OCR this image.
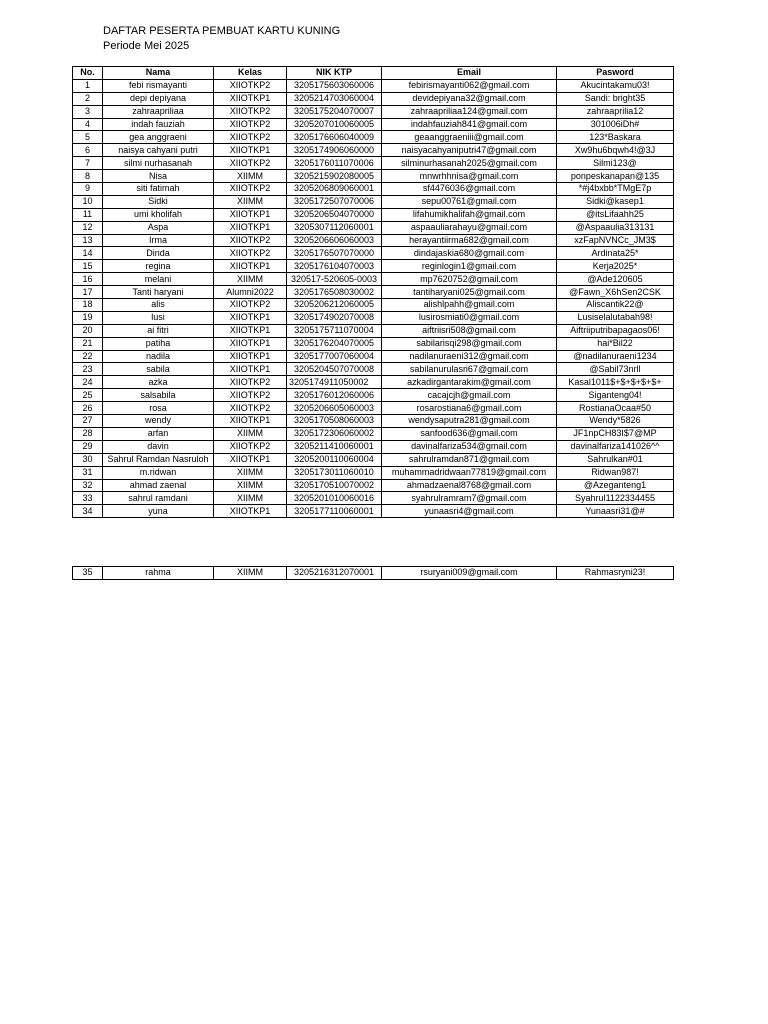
DAFTAR PESERTA PEMBUAT KARTU KUNING
Periode Mei 2025
No.	Nama	Kelas	NIK KTP	Email	Pasword
1	febi rismayanti	XIIOTKP2	3205175603060006	febirismayanti062@gmail.com	Akucintakamu03!
2	depi depiyana	XIIOTKP1	3205214703060004	devidepiyana32@gmail.com	Sandi: bright35
3	zahraapriliaa	XIIOTKP2	3205175204070007	zahraapriliaa124@gmail.com	zahraaprilia12
4	indah fauziah	XIIOTKP2	3205207010060005	indahfauziah841@gmail.com	301006iDh#
5	gea anggraeni	XIIOTKP2	3205176606040009	geaanggraeniii@gmail.com	123*Baskara
6	naisya cahyani putri	XIIOTKP1	3205174906060000	naisyacahyaniputri47@gmail.com	Xw9hu6bqwh4!@3J
7	silmi nurhasanah	XIIOTKP2	3205176011070006	silminurhasanah2025@gmail.com	Silmi123@
8	Nisa	XIIMM	3205215902080005	mnwrhhnisa@gmail.com	ponpeskanapan@135
9	siti fatimah	XIIOTKP2	3205206809060001	sf4476036@gmail.com	*#j4bxbb*TMgE7p
10	Sidki	XIIMM	3205172507070006	sepu00761@gmail.com	Sidki@kasep1
11	umi kholifah	XIIOTKP1	3205206504070000	lifahumikhalifah@gmail.com	@itsLifaahh25
12	Aspa	XIIOTKP1	3205307112060001	aspaauliarahayu@gmail.com	@Aspaaulia313131
13	Irma	XIIOTKP2	3205206606060003	herayantiirma682@gmail.com	xzFapNVNCc_JM3$
14	Dinda	XIIOTKP2	3205176507070000	dindajaskia680@gmail.com	Ardinata25*
15	regina	XIIOTKP1	3205176104070003	reginlogin1@gmail.com	Kerja2025*
16	melani	XIIMM	320517-520605-0003	mp7620752@gmail.com	@Ade120605
17	Tanti haryani	Alumni2022	3205176508030002	tantiharyani025@gmail.com	@Fawn_X6hSen2CSK
18	alis	XIIOTKP2	3205206212060005	alishlpahh@gmail.com	Aliscantik22@
19	lusi	XIIOTKP1	3205174902070008	lusirosmiati0@gmail.com	Lusiselalutabah98!
20	ai fitri	XIIOTKP1	3205175711070004	aiftriisri508@gmail.com	Aiftriiputribapagaos06!
21	patiha	XIIOTKP1	3205176204070005	sabilarisqi298@gmail.com	hai*Bil22
22	nadila	XIIOTKP1	3205177007060004	nadilanuraeni312@gmail.com	@nadilanuraeni1234
23	sabila	XIIOTKP1	3205204507070008	sabilanurulasri67@gmail.com	@Sabil73nrll
24	azka	XIIOTKP2	3205174911050002	azkadirgantarakim@gmail.com	Kasal1011$+$+$+$+$+
25	salsabila	XIIOTKP2	3205176012060006	cacajcjh@gmail.com	Siganteng04!
26	rosa	XIIOTKP2	3205206605060003	rosarostiana6@gmail.com	RostianaOcaa#50
27	wendy	XIIOTKP1	3205170508060003	wendysaputra281@gmail.com	Wendy*5826
28	arfan	XIIMM	3205172306060002	sanfood636@gmail.com	JF1npCH83I$7@MP
29	davin	XIIOTKP2	3205211410060001	davinalfariza534@gmail.com	davinalfariza141026^^
30	Sahrul Ramdan Nasruloh	XIIOTKP1	3205200110060004	sahrulramdan871@gmail.com	Sahrulkan#01
31	m.ridwan	XIIMM	3205173011060010	muhammadridwaan77819@gmail.com	Ridwan987!
32	ahmad zaenal	XIIMM	3205170510070002	ahmadzaenal8768@gmail.com	@Azeganteng1
33	sahrul ramdani	XIIMM	3205201010060016	syahrulramram7@gmail.com	Syahrul1122334455
34	yuna	XIIOTKP1	3205177110060001	yunaasri4@gmail.com	Yunaasri31@#
35	rahma	XIIMM	3205216312070001	rsuryani009@gmail.com	Rahmasryni23!
